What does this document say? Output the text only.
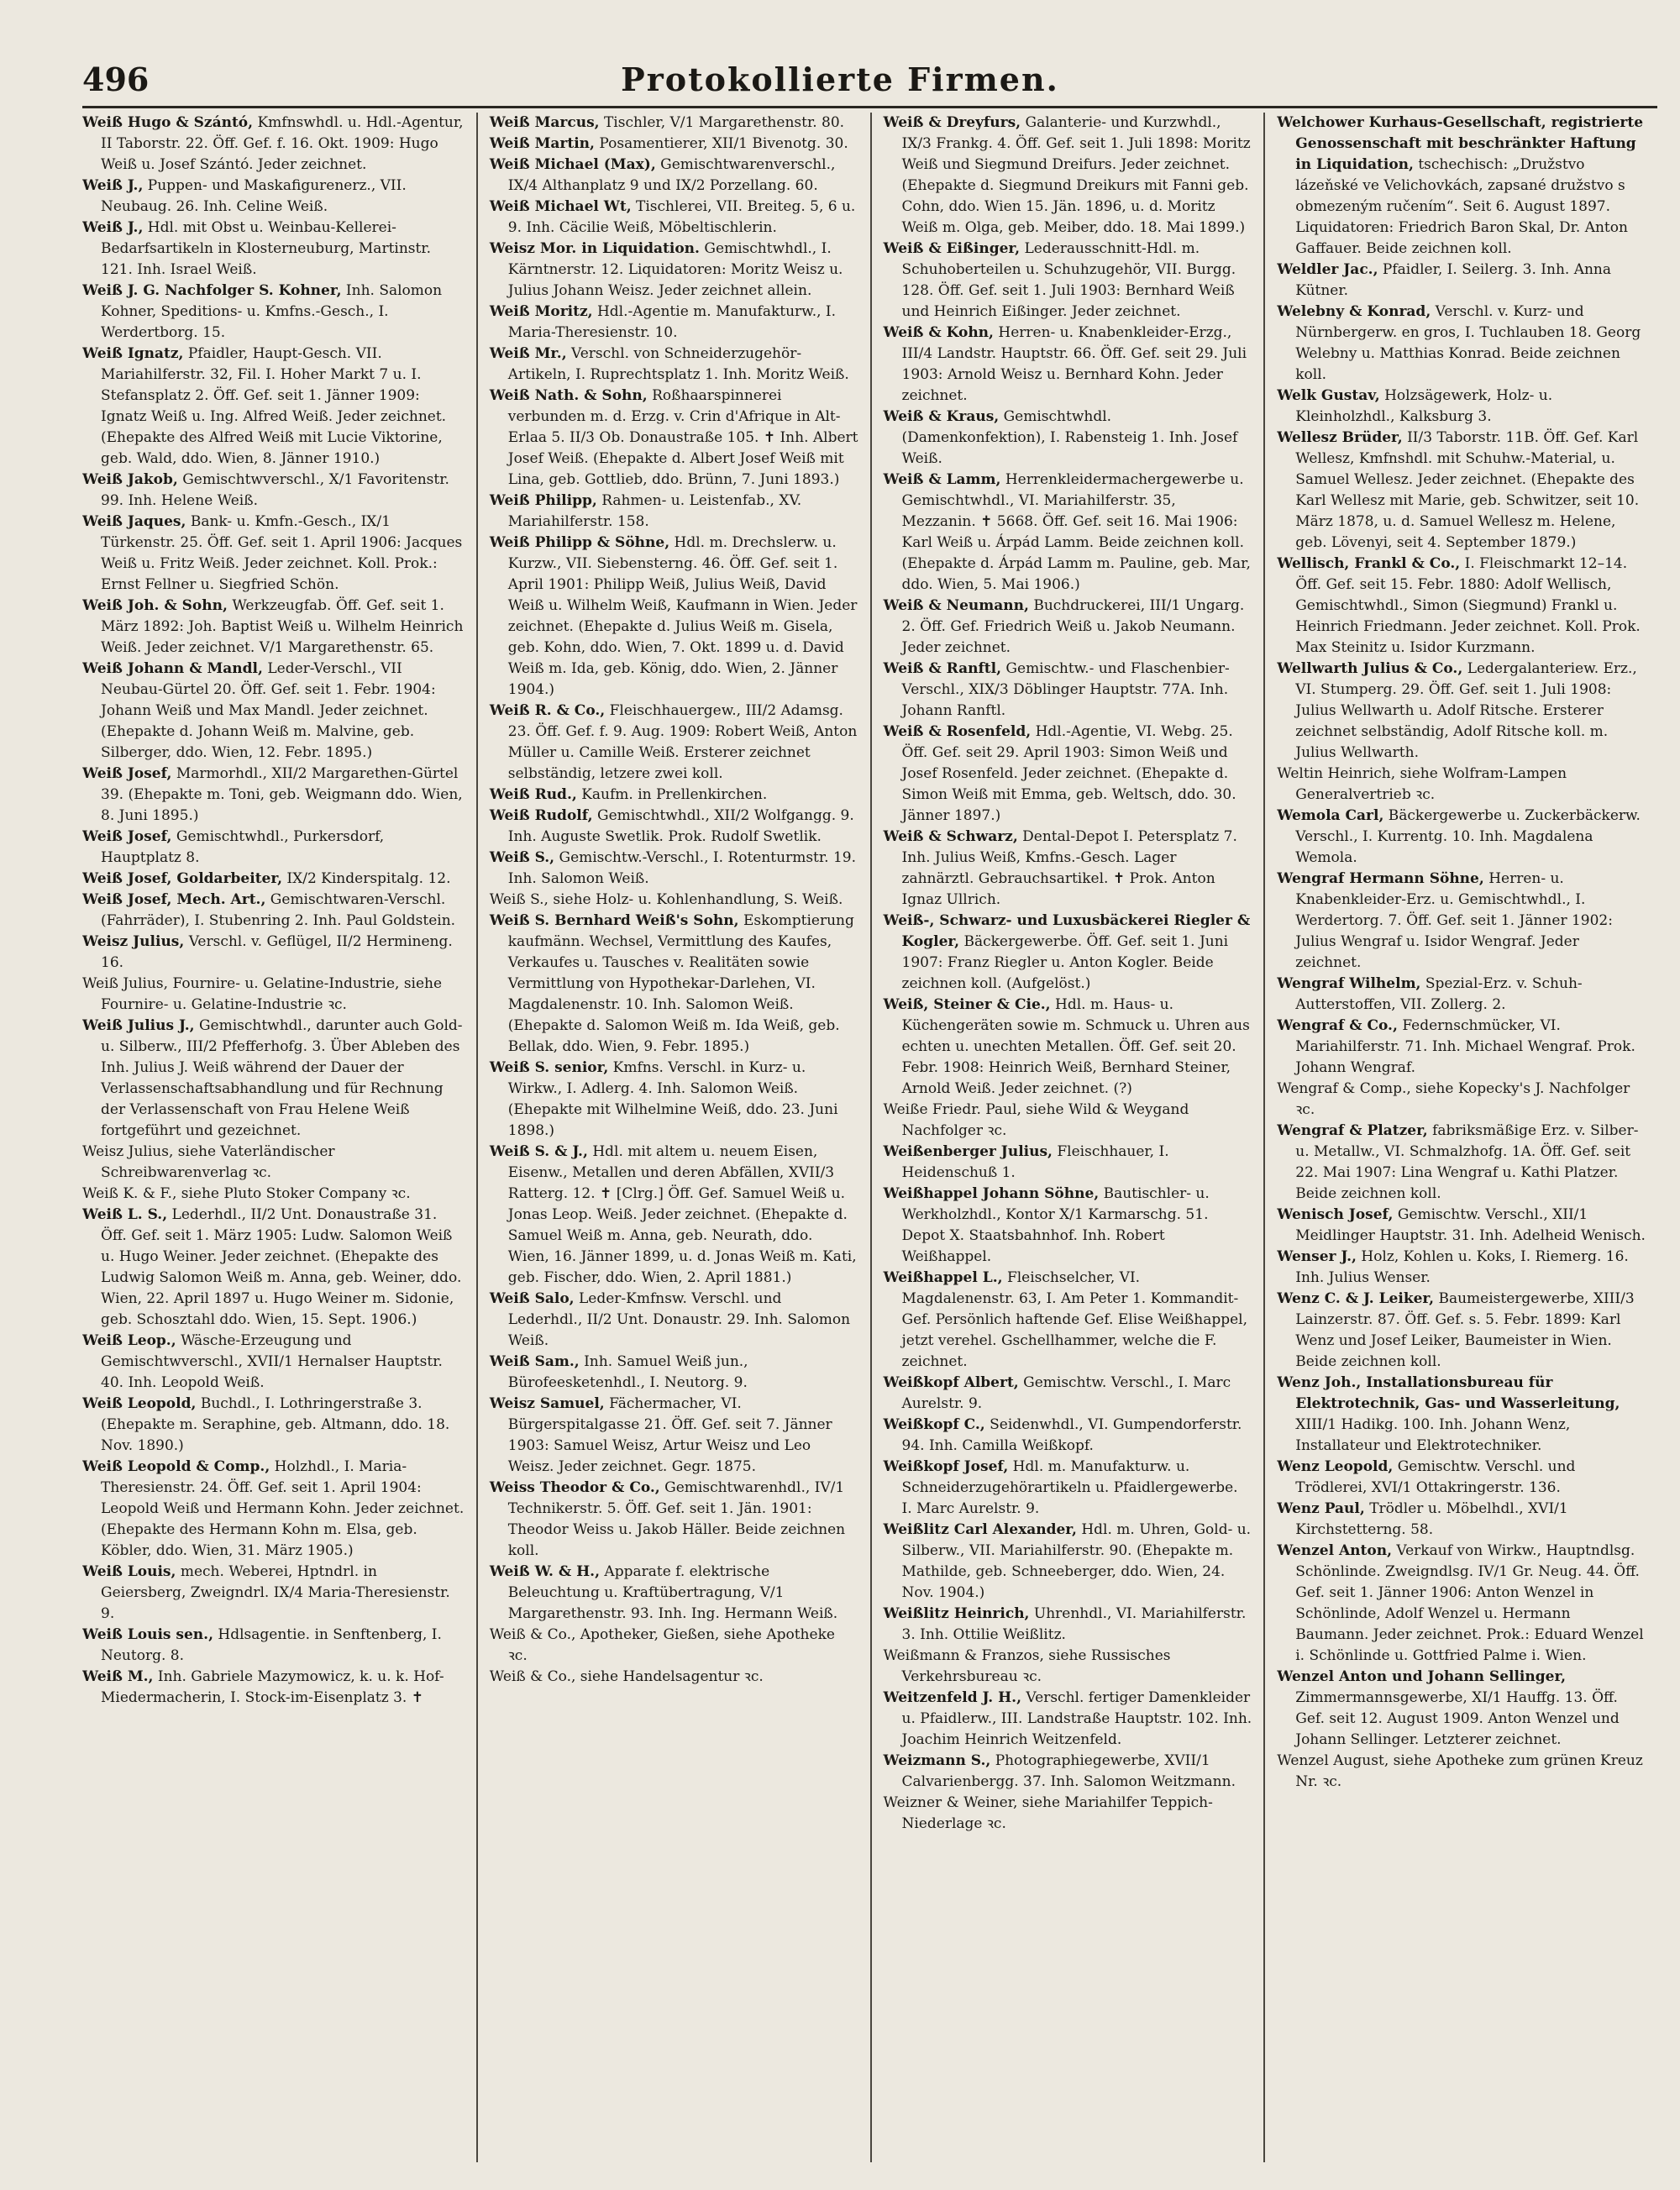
496	Protokollierte Firmen.

Weiß Hugo & Szántó, Kmfnswhdl. u. Hdl.-Agentur, II Taborstr. 22. Öff. Gef. f. 16. Okt. 1909: Hugo Weiß u. Josef Szántó. Jeder zeichnet.

Weiß J., Puppen- und Maskafigurenerz., VII. Neubaug. 26. Inh. Celine Weiß.

Weiß J., Hdl. mit Obst u. Weinbau-Kellerei-Bedarfsartikeln in Klosterneuburg, Martinstr. 121. Inh. Israel Weiß.

Weiß J. G. Nachfolger S. Kohner, Inh. Salomon Kohner, Speditions- u. Kmfns.-Gesch., I. Werdertborg. 15.

Weiß Ignatz, Pfaidler, Haupt-Gesch. VII. Mariahilferstr. 32, Fil. I. Hoher Markt 7 u. I. Stefansplatz 2. Öff. Gef. seit 1. Jänner 1909: Ignatz Weiß u. Ing. Alfred Weiß. Jeder zeichnet. (Ehepakte des Alfred Weiß mit Lucie Viktorine, geb. Wald, ddo. Wien, 8. Jänner 1910.)

Weiß Jakob, Gemischtwverschl., X/1 Favoritenstr. 99. Inh. Helene Weiß.

Weiß Jaques, Bank- u. Kmfn.-Gesch., IX/1 Türkenstr. 25. Öff. Gef. seit 1. April 1906: Jacques Weiß u. Fritz Weiß. Jeder zeichnet. Koll. Prok.: Ernst Fellner u. Siegfried Schön.

Weiß Joh. & Sohn, Werkzeugfab. Öff. Gef. seit 1. März 1892: Joh. Baptist Weiß u. Wilhelm Heinrich Weiß. Jeder zeichnet. V/1 Margarethenstr. 65.

Weiß Johann & Mandl, Leder-Verschl., VII Neubau-Gürtel 20. Öff. Gef. seit 1. Febr. 1904: Johann Weiß und Max Mandl. Jeder zeichnet. (Ehepakte d. Johann Weiß m. Malvine, geb. Silberger, ddo. Wien, 12. Febr. 1895.)

Weiß Josef, Marmorhdl., XII/2 Margarethen-Gürtel 39. (Ehepakte m. Toni, geb. Weigmann ddo. Wien, 8. Juni 1895.)

Weiß Josef, Gemischtwhdl., Purkersdorf, Hauptplatz 8.

Weiß Josef, Goldarbeiter, IX/2 Kinderspitalg. 12.

Weiß Josef, Mech. Art., Gemischtwaren-Verschl. (Fahrräder), I. Stubenring 2. Inh. Paul Goldstein.

Weisz Julius, Verschl. v. Geflügel, II/2 Hermineng. 16.

Weiß Julius, Fournire- u. Gelatine-Industrie, siehe Fournire- u. Gelatine-Industrie ꝛc.

Weiß Julius J., Gemischtwhdl., darunter auch Gold- u. Silberw., III/2 Pfefferhofg. 3. Über Ableben des Inh. Julius J. Weiß während der Dauer der Verlassenschaftsabhandlung und für Rechnung der Verlassenschaft von Frau Helene Weiß fortgeführt und gezeichnet.

Weisz Julius, siehe Vaterländischer Schreibwarenverlag ꝛc.

Weiß K. & F., siehe Pluto Stoker Company ꝛc.

Weiß L. S., Lederhdl., II/2 Unt. Donaustraße 31. Öff. Gef. seit 1. März 1905: Ludw. Salomon Weiß u. Hugo Weiner. Jeder zeichnet. (Ehepakte des Ludwig Salomon Weiß m. Anna, geb. Weiner, ddo. Wien, 22. April 1897 u. Hugo Weiner m. Sidonie, geb. Schosztahl ddo. Wien, 15. Sept. 1906.)

Weiß Leop., Wäsche-Erzeugung und Gemischtwverschl., XVII/1 Hernalser Hauptstr. 40. Inh. Leopold Weiß.

Weiß Leopold, Buchdl., I. Lothringerstraße 3. (Ehepakte m. Seraphine, geb. Altmann, ddo. 18. Nov. 1890.)

Weiß Leopold & Comp., Holzhdl., I. Maria-Theresienstr. 24. Öff. Gef. seit 1. April 1904: Leopold Weiß und Hermann Kohn. Jeder zeichnet. (Ehepakte des Hermann Kohn m. Elsa, geb. Köbler, ddo. Wien, 31. März 1905.)

Weiß Louis, mech. Weberei, Hptndrl. in Geiersberg, Zweigndrl. IX/4 Maria-Theresienstr. 9.

Weiß Louis sen., Hdlsagentie. in Senftenberg, I. Neutorg. 8.

Weiß M., Inh. Gabriele Mazymowicz, k. u. k. Hof-Miedermacherin, I. Stock-im-Eisenplatz 3. ✝

Weiß Marcus, Tischler, V/1 Margarethenstr. 80.

Weiß Martin, Posamentierer, XII/1 Bivenotg. 30.

Weiß Michael (Max), Gemischtwarenverschl., IX/4 Althanplatz 9 und IX/2 Porzellang. 60.

Weiß Michael Wt, Tischlerei, VII. Breiteg. 5, 6 u. 9. Inh. Cäcilie Weiß, Möbeltischlerin.

Weisz Mor. in Liquidation. Gemischtwhdl., I. Kärntnerstr. 12. Liquidatoren: Moritz Weisz u. Julius Johann Weisz. Jeder zeichnet allein.

Weiß Moritz, Hdl.-Agentie m. Manufakturw., I. Maria-Theresienstr. 10.

Weiß Mr., Verschl. von Schneiderzugehör-Artikeln, I. Ruprechtsplatz 1. Inh. Moritz Weiß.

Weiß Nath. & Sohn, Roßhaarspinnerei verbunden m. d. Erzg. v. Crin d'Afrique in Alt-Erlaa 5. II/3 Ob. Donaustraße 105. ✝ Inh. Albert Josef Weiß. (Ehepakte d. Albert Josef Weiß mit Lina, geb. Gottlieb, ddo. Brünn, 7. Juni 1893.)

Weiß Philipp, Rahmen- u. Leistenfab., XV. Mariahilferstr. 158.

Weiß Philipp & Söhne, Hdl. m. Drechslerw. u. Kurzw., VII. Siebensterng. 46. Öff. Gef. seit 1. April 1901: Philipp Weiß, Julius Weiß, David Weiß u. Wilhelm Weiß, Kaufmann in Wien. Jeder zeichnet. (Ehepakte d. Julius Weiß m. Gisela, geb. Kohn, ddo. Wien, 7. Okt. 1899 u. d. David Weiß m. Ida, geb. König, ddo. Wien, 2. Jänner 1904.)

Weiß R. & Co., Fleischhauergew., III/2 Adamsg. 23. Öff. Gef. f. 9. Aug. 1909: Robert Weiß, Anton Müller u. Camille Weiß. Ersterer zeichnet selbständig, letzere zwei koll.

Weiß Rud., Kaufm. in Prellenkirchen.

Weiß Rudolf, Gemischtwhdl., XII/2 Wolfgangg. 9. Inh. Auguste Swetlik. Prok. Rudolf Swetlik.

Weiß S., Gemischtw.-Verschl., I. Rotenturmstr. 19. Inh. Salomon Weiß.

Weiß S., siehe Holz- u. Kohlenhandlung, S. Weiß.

Weiß S. Bernhard Weiß's Sohn, Eskomptierung kaufmänn. Wechsel, Vermittlung des Kaufes, Verkaufes u. Tausches v. Realitäten sowie Vermittlung von Hypothekar-Darlehen, VI. Magdalenenstr. 10. Inh. Salomon Weiß. (Ehepakte d. Salomon Weiß m. Ida Weiß, geb. Bellak, ddo. Wien, 9. Febr. 1895.)

Weiß S. senior, Kmfns. Verschl. in Kurz- u. Wirkw., I. Adlerg. 4. Inh. Salomon Weiß. (Ehepakte mit Wilhelmine Weiß, ddo. 23. Juni 1898.)

Weiß S. & J., Hdl. mit altem u. neuem Eisen, Eisenw., Metallen und deren Abfällen, XVII/3 Ratterg. 12. ✝ [Clrg.] Öff. Gef. Samuel Weiß u. Jonas Leop. Weiß. Jeder zeichnet. (Ehepakte d. Samuel Weiß m. Anna, geb. Neurath, ddo. Wien, 16. Jänner 1899, u. d. Jonas Weiß m. Kati, geb. Fischer, ddo. Wien, 2. April 1881.)

Weiß Salo, Leder-Kmfnsw. Verschl. und Lederhdl., II/2 Unt. Donaustr. 29. Inh. Salomon Weiß.

Weiß Sam., Inh. Samuel Weiß jun., Bürofeesketenhdl., I. Neutorg. 9.

Weisz Samuel, Fächermacher, VI. Bürgerspitalgasse 21. Öff. Gef. seit 7. Jänner 1903: Samuel Weisz, Artur Weisz und Leo Weisz. Jeder zeichnet. Gegr. 1875.

Weiss Theodor & Co., Gemischtwarenhdl., IV/1 Technikerstr. 5. Öff. Gef. seit 1. Jän. 1901: Theodor Weiss u. Jakob Häller. Beide zeichnen koll.

Weiß W. & H., Apparate f. elektrische Beleuchtung u. Kraftübertragung, V/1 Margarethenstr. 93. Inh. Ing. Hermann Weiß.

Weiß & Co., Apotheker, Gießen, siehe Apotheke ꝛc.

Weiß & Co., siehe Handelsagentur ꝛc.

Weiß & Dreyfurs, Galanterie- und Kurzwhdl., IX/3 Frankg. 4. Öff. Gef. seit 1. Juli 1898: Moritz Weiß und Siegmund Dreifurs. Jeder zeichnet. (Ehepakte d. Siegmund Dreikurs mit Fanni geb. Cohn, ddo. Wien 15. Jän. 1896, u. d. Moritz Weiß m. Olga, geb. Meiber, ddo. 18. Mai 1899.)

Weiß & Eißinger, Lederausschnitt-Hdl. m. Schuhoberteilen u. Schuhzugehör, VII. Burgg. 128. Öff. Gef. seit 1. Juli 1903: Bernhard Weiß und Heinrich Eißinger. Jeder zeichnet.

Weiß & Kohn, Herren- u. Knabenkleider-Erzg., III/4 Landstr. Hauptstr. 66. Öff. Gef. seit 29. Juli 1903: Arnold Weisz u. Bernhard Kohn. Jeder zeichnet.

Weiß & Kraus, Gemischtwhdl. (Damenkonfektion), I. Rabensteig 1. Inh. Josef Weiß.

Weiß & Lamm, Herrenkleidermachergewerbe u. Gemischtwhdl., VI. Mariahilferstr. 35, Mezzanin. ✝ 5668. Öff. Gef. seit 16. Mai 1906: Karl Weiß u. Árpád Lamm. Beide zeichnen koll. (Ehepakte d. Árpád Lamm m. Pauline, geb. Mar, ddo. Wien, 5. Mai 1906.)

Weiß & Neumann, Buchdruckerei, III/1 Ungarg. 2. Öff. Gef. Friedrich Weiß u. Jakob Neumann. Jeder zeichnet.

Weiß & Ranftl, Gemischtw.- und Flaschenbier-Verschl., XIX/3 Döblinger Hauptstr. 77A. Inh. Johann Ranftl.

Weiß & Rosenfeld, Hdl.-Agentie, VI. Webg. 25. Öff. Gef. seit 29. April 1903: Simon Weiß und Josef Rosenfeld. Jeder zeichnet. (Ehepakte d. Simon Weiß mit Emma, geb. Weltsch, ddo. 30. Jänner 1897.)

Weiß & Schwarz, Dental-Depot I. Petersplatz 7. Inh. Julius Weiß, Kmfns.-Gesch. Lager zahnärztl. Gebrauchsartikel. ✝ Prok. Anton Ignaz Ullrich.

Weiß-, Schwarz- und Luxusbäckerei Riegler & Kogler, Bäckergewerbe. Öff. Gef. seit 1. Juni 1907: Franz Riegler u. Anton Kogler. Beide zeichnen koll. (Aufgelöst.)

Weiß, Steiner & Cie., Hdl. m. Haus- u. Küchengeräten sowie m. Schmuck u. Uhren aus echten u. unechten Metallen. Öff. Gef. seit 20. Febr. 1908: Heinrich Weiß, Bernhard Steiner, Arnold Weiß. Jeder zeichnet. (?)

Weiße Friedr. Paul, siehe Wild & Weygand Nachfolger ꝛc.

Weißenberger Julius, Fleischhauer, I. Heidenschuß 1.

Weißhappel Johann Söhne, Bautischler- u. Werkholzhdl., Kontor X/1 Karmarschg. 51. Depot X. Staatsbahnhof. Inh. Robert Weißhappel.

Weißhappel L., Fleischselcher, VI. Magdalenenstr. 63, I. Am Peter 1. Kommandit-Gef. Persönlich haftende Gef. Elise Weißhappel, jetzt verehel. Gschellhammer, welche die F. zeichnet.

Weißkopf Albert, Gemischtw. Verschl., I. Marc Aurelstr. 9.

Weißkopf C., Seidenwhdl., VI. Gumpendorferstr. 94. Inh. Camilla Weißkopf.

Weißkopf Josef, Hdl. m. Manufakturw. u. Schneiderzugehörartikeln u. Pfaidlergewerbe. I. Marc Aurelstr. 9.

Weißlitz Carl Alexander, Hdl. m. Uhren, Gold- u. Silberw., VII. Mariahilferstr. 90. (Ehepakte m. Mathilde, geb. Schneeberger, ddo. Wien, 24. Nov. 1904.)

Weißlitz Heinrich, Uhrenhdl., VI. Mariahilferstr. 3. Inh. Ottilie Weißlitz.

Weißmann & Franzos, siehe Russisches Verkehrsbureau ꝛc.

Weitzenfeld J. H., Verschl. fertiger Damenkleider u. Pfaidlerw., III. Landstraße Hauptstr. 102. Inh. Joachim Heinrich Weitzenfeld.

Weizmann S., Photographiegewerbe, XVII/1 Calvarienbergg. 37. Inh. Salomon Weitzmann.

Weizner & Weiner, siehe Mariahilfer Teppich-Niederlage ꝛc.

Welchower Kurhaus-Gesellschaft, registrierte Genossenschaft mit beschränkter Haftung in Liquidation, tschechisch: „Družstvo lázeňské ve Velichovkách, zapsané družstvo s obmezeným ručením“. Seit 6. August 1897. Liquidatoren: Friedrich Baron Skal, Dr. Anton Gaffauer. Beide zeichnen koll.

Weldler Jac., Pfaidler, I. Seilerg. 3. Inh. Anna Kütner.

Welebny & Konrad, Verschl. v. Kurz- und Nürnbergerw. en gros, I. Tuchlauben 18. Georg Welebny u. Matthias Konrad. Beide zeichnen koll.

Welk Gustav, Holzsägewerk, Holz- u. Kleinholzhdl., Kalksburg 3.

Wellesz Brüder, II/3 Taborstr. 11B. Öff. Gef. Karl Wellesz, Kmfnshdl. mit Schuhw.-Material, u. Samuel Wellesz. Jeder zeichnet. (Ehepakte des Karl Wellesz mit Marie, geb. Schwitzer, seit 10. März 1878, u. d. Samuel Wellesz m. Helene, geb. Lövenyi, seit 4. September 1879.)

Wellisch, Frankl & Co., I. Fleischmarkt 12–14. Öff. Gef. seit 15. Febr. 1880: Adolf Wellisch, Gemischtwhdl., Simon (Siegmund) Frankl u. Heinrich Friedmann. Jeder zeichnet. Koll. Prok. Max Steinitz u. Isidor Kurzmann.

Wellwarth Julius & Co., Ledergalanteriew. Erz., VI. Stumperg. 29. Öff. Gef. seit 1. Juli 1908: Julius Wellwarth u. Adolf Ritsche. Ersterer zeichnet selbständig, Adolf Ritsche koll. m. Julius Wellwarth.

Weltin Heinrich, siehe Wolfram-Lampen Generalvertrieb ꝛc.

Wemola Carl, Bäckergewerbe u. Zuckerbäckerw. Verschl., I. Kurrentg. 10. Inh. Magdalena Wemola.

Wengraf Hermann Söhne, Herren- u. Knabenkleider-Erz. u. Gemischtwhdl., I. Werdertorg. 7. Öff. Gef. seit 1. Jänner 1902: Julius Wengraf u. Isidor Wengraf. Jeder zeichnet.

Wengraf Wilhelm, Spezial-Erz. v. Schuh-Autterstoffen, VII. Zollerg. 2.

Wengraf & Co., Federnschmücker, VI. Mariahilferstr. 71. Inh. Michael Wengraf. Prok. Johann Wengraf.

Wengraf & Comp., siehe Kopecky's J. Nachfolger ꝛc.

Wengraf & Platzer, fabriksmäßige Erz. v. Silber- u. Metallw., VI. Schmalzhofg. 1A. Öff. Gef. seit 22. Mai 1907: Lina Wengraf u. Kathi Platzer. Beide zeichnen koll.

Wenisch Josef, Gemischtw. Verschl., XII/1 Meidlinger Hauptstr. 31. Inh. Adelheid Wenisch.

Wenser J., Holz, Kohlen u. Koks, I. Riemerg. 16. Inh. Julius Wenser.

Wenz C. & J. Leiker, Baumeistergewerbe, XIII/3 Lainzerstr. 87. Öff. Gef. s. 5. Febr. 1899: Karl Wenz und Josef Leiker, Baumeister in Wien. Beide zeichnen koll.

Wenz Joh., Installationsbureau für Elektrotechnik, Gas- und Wasserleitung, XIII/1 Hadikg. 100. Inh. Johann Wenz, Installateur und Elektrotechniker.

Wenz Leopold, Gemischtw. Verschl. und Trödlerei, XVI/1 Ottakringerstr. 136.

Wenz Paul, Trödler u. Möbelhdl., XVI/1 Kirchstetterng. 58.

Wenzel Anton, Verkauf von Wirkw., Hauptndlsg. Schönlinde. Zweigndlsg. IV/1 Gr. Neug. 44. Öff. Gef. seit 1. Jänner 1906: Anton Wenzel in Schönlinde, Adolf Wenzel u. Hermann Baumann. Jeder zeichnet. Prok.: Eduard Wenzel i. Schönlinde u. Gottfried Palme i. Wien.

Wenzel Anton und Johann Sellinger, Zimmermannsgewerbe, XI/1 Hauffg. 13. Öff. Gef. seit 12. August 1909. Anton Wenzel und Johann Sellinger. Letzterer zeichnet.

Wenzel August, siehe Apotheke zum grünen Kreuz Nr. ꝛc.
